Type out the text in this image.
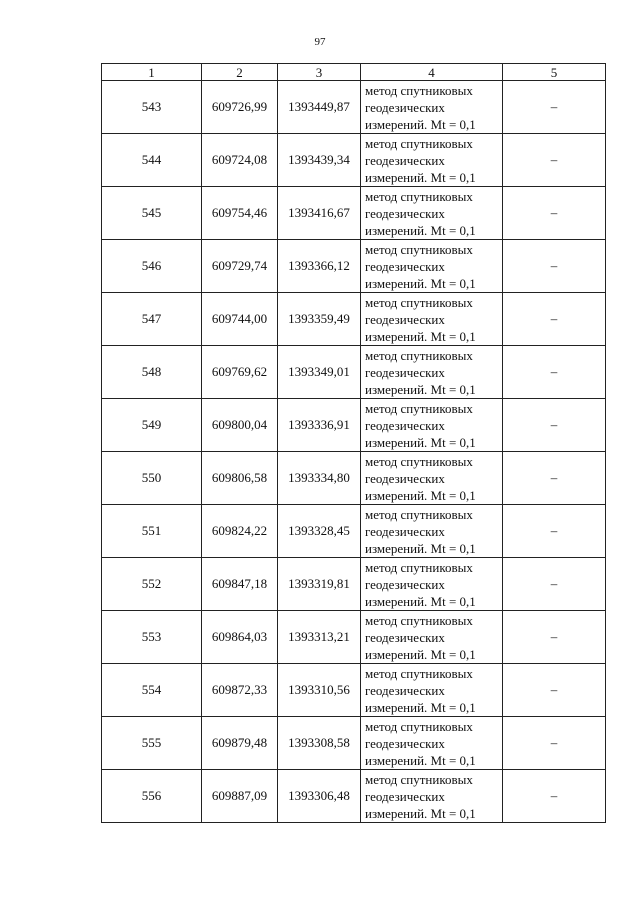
97
1	2	3	4	5
543	609726,99	1393449,87	метод спутниковых геодезических измерений. Mt = 0,1	–
544	609724,08	1393439,34	метод спутниковых геодезических измерений. Mt = 0,1	–
545	609754,46	1393416,67	метод спутниковых геодезических измерений. Mt = 0,1	–
546	609729,74	1393366,12	метод спутниковых геодезических измерений. Mt = 0,1	–
547	609744,00	1393359,49	метод спутниковых геодезических измерений. Mt = 0,1	–
548	609769,62	1393349,01	метод спутниковых геодезических измерений. Mt = 0,1	–
549	609800,04	1393336,91	метод спутниковых геодезических измерений. Mt = 0,1	–
550	609806,58	1393334,80	метод спутниковых геодезических измерений. Mt = 0,1	–
551	609824,22	1393328,45	метод спутниковых геодезических измерений. Mt = 0,1	–
552	609847,18	1393319,81	метод спутниковых геодезических измерений. Mt = 0,1	–
553	609864,03	1393313,21	метод спутниковых геодезических измерений. Mt = 0,1	–
554	609872,33	1393310,56	метод спутниковых геодезических измерений. Mt = 0,1	–
555	609879,48	1393308,58	метод спутниковых геодезических измерений. Mt = 0,1	–
556	609887,09	1393306,48	метод спутниковых геодезических измерений. Mt = 0,1	–
